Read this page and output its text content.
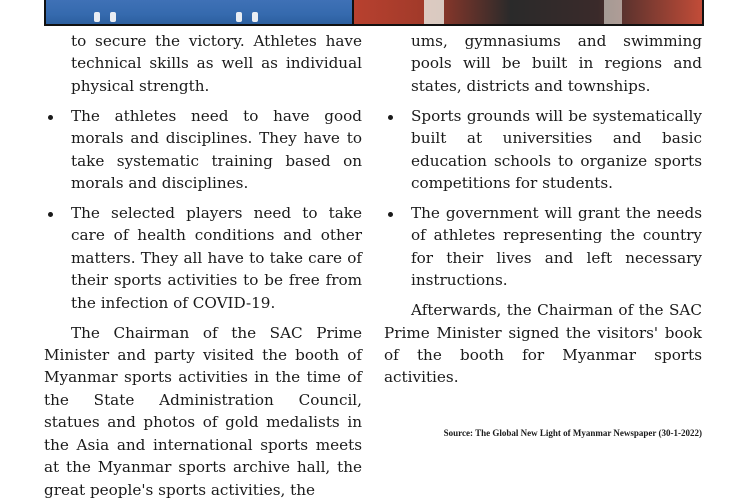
to secure the victory. Athletes have technical skills as well as individual physical strength.
The athletes need to have good morals and disciplines. They have to take systematic training based on morals and disciplines.
The selected players need to take care of health conditions and other matters. They all have to take care of their sports activities to be free from the infection of COVID-19.

The Chairman of the SAC Prime Minister and party visited the booth of Myanmar sports activities in the time of the State Administration Council, statues and photos of gold medalists in the Asia and international sports meets at the Myanmar sports archive hall, the great people's sports activities, the

ums, gymnasiums and swimming pools will be built in regions and states, districts and townships.
Sports grounds will be systematically built at universities and basic education schools to organize sports competitions for students.
The government will grant the needs of athletes representing the country for their lives and left necessary instructions.

Afterwards, the Chairman of the SAC Prime Minister signed the visitors' book of the booth for Myanmar sports activities.

Source: The Global New Light of Myanmar Newspaper (30-1-2022)
